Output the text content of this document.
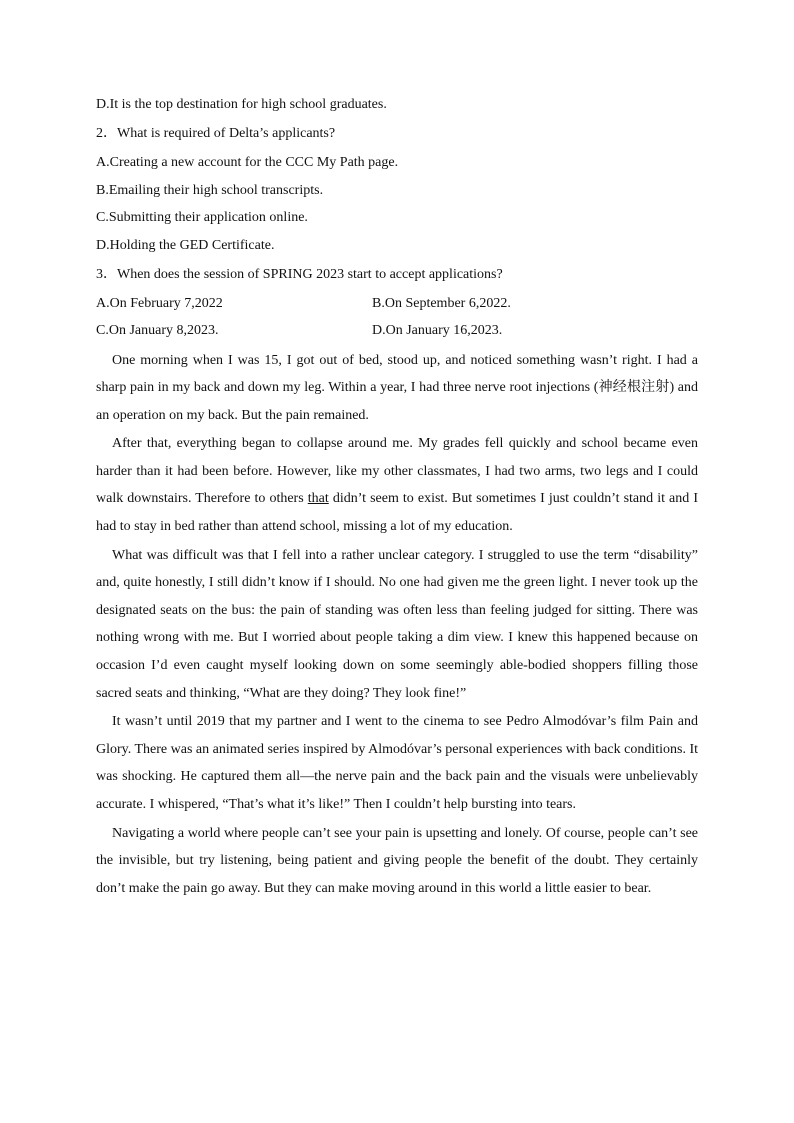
D.It is the top destination for high school graduates.

2．What is required of Delta’s applicants?

A.Creating a new account for the CCC My Path page.

B.Emailing their high school transcripts.

C.Submitting their application online.

D.Holding the GED Certificate.

3．When does the session of SPRING 2023 start to accept applications?

A.On February 7,2022	B.On September 6,2022.

C.On January 8,2023.	D.On January 16,2023.

One morning when I was 15, I got out of bed, stood up, and noticed something wasn’t right. I had a sharp pain in my back and down my leg. Within a year, I had three nerve root injections (神经根注射) and an operation on my back. But the pain remained.

After that, everything began to collapse around me. My grades fell quickly and school became even harder than it had been before. However, like my other classmates, I had two arms, two legs and I could walk downstairs. Therefore to others that didn’t seem to exist. But sometimes I just couldn’t stand it and I had to stay in bed rather than attend school, missing a lot of my education.

What was difficult was that I fell into a rather unclear category. I struggled to use the term “disability” and, quite honestly, I still didn’t know if I should. No one had given me the green light. I never took up the designated seats on the bus: the pain of standing was often less than feeling judged for sitting. There was nothing wrong with me. But I worried about people taking a dim view. I knew this happened because on occasion I’d even caught myself looking down on some seemingly able-bodied shoppers filling those sacred seats and thinking, “What are they doing? They look fine!”

It wasn’t until 2019 that my partner and I went to the cinema to see Pedro Almodóvar’s film Pain and Glory. There was an animated series inspired by Almodóvar’s personal experiences with back conditions. It was shocking. He captured them all—the nerve pain and the back pain and the visuals were unbelievably accurate. I whispered, “That’s what it’s like!” Then I couldn’t help bursting into tears.

Navigating a world where people can’t see your pain is upsetting and lonely. Of course, people can’t see the invisible, but try listening, being patient and giving people the benefit of the doubt. They certainly don’t make the pain go away. But they can make moving around in this world a little easier to bear.
